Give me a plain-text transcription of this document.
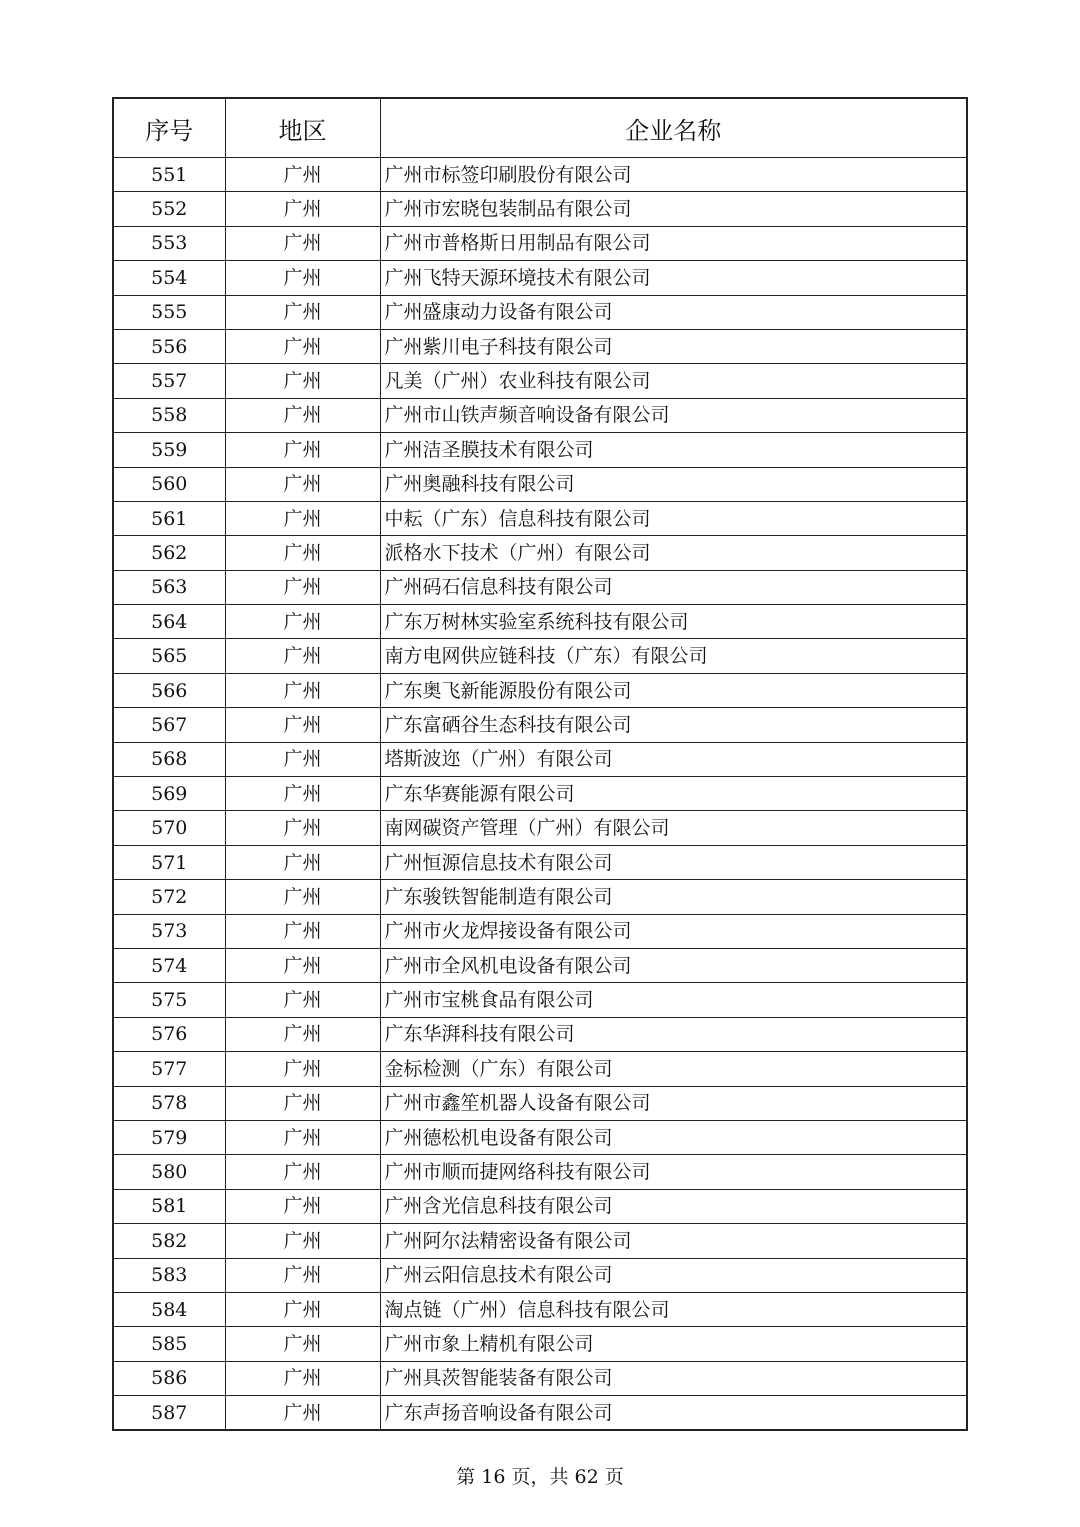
序号	地区	企业名称
551	广州	广州市标签印刷股份有限公司
552	广州	广州市宏晓包装制品有限公司
553	广州	广州市普格斯日用制品有限公司
554	广州	广州飞特天源环境技术有限公司
555	广州	广州盛康动力设备有限公司
556	广州	广州紫川电子科技有限公司
557	广州	凡美（广州）农业科技有限公司
558	广州	广州市山铁声频音响设备有限公司
559	广州	广州洁圣膜技术有限公司
560	广州	广州奥融科技有限公司
561	广州	中耘（广东）信息科技有限公司
562	广州	派格水下技术（广州）有限公司
563	广州	广州码石信息科技有限公司
564	广州	广东万树林实验室系统科技有限公司
565	广州	南方电网供应链科技（广东）有限公司
566	广州	广东奥飞新能源股份有限公司
567	广州	广东富硒谷生态科技有限公司
568	广州	塔斯波迩（广州）有限公司
569	广州	广东华赛能源有限公司
570	广州	南网碳资产管理（广州）有限公司
571	广州	广州恒源信息技术有限公司
572	广州	广东骏铁智能制造有限公司
573	广州	广州市火龙焊接设备有限公司
574	广州	广州市全风机电设备有限公司
575	广州	广州市宝桃食品有限公司
576	广州	广东华湃科技有限公司
577	广州	金标检测（广东）有限公司
578	广州	广州市鑫笙机器人设备有限公司
579	广州	广州德松机电设备有限公司
580	广州	广州市顺而捷网络科技有限公司
581	广州	广州含光信息科技有限公司
582	广州	广州阿尔法精密设备有限公司
583	广州	广州云阳信息技术有限公司
584	广州	淘点链（广州）信息科技有限公司
585	广州	广州市象上精机有限公司
586	广州	广州具茨智能装备有限公司
587	广州	广东声扬音响设备有限公司
第 16 页，共 62 页
